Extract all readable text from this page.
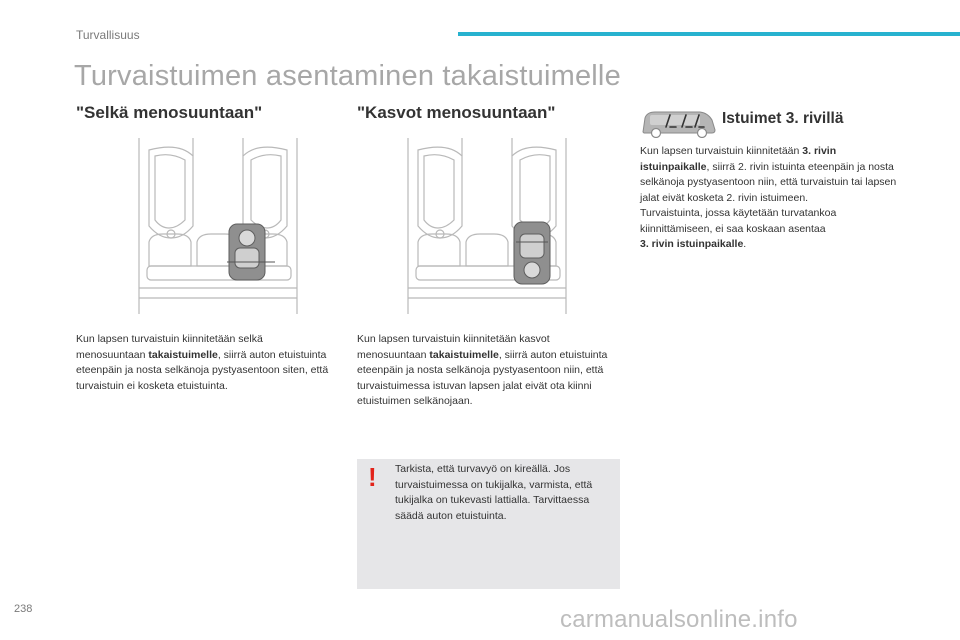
Turvallisuus
Turvaistuimen asentaminen takaistuimelle
"Selkä menosuuntaan"
Kun lapsen turvaistuin kiinnitetään selkä menosuuntaan takaistuimelle, siirrä auton etuistuinta eteenpäin ja nosta selkänoja pystyasentoon siten, että turvaistuin ei kosketa etuistuinta.
"Kasvot menosuuntaan"
Kun lapsen turvaistuin kiinnitetään kasvot menosuuntaan takaistuimelle, siirrä auton etuistuinta eteenpäin ja nosta selkänoja pystyasentoon niin, että turvaistuimessa istuvan lapsen jalat eivät ota kiinni etuistuimen selkänojaan.
! Tarkista, että turvavyö on kireällä. Jos turvaistuimessa on tukijalka, varmista, että tukijalka on tukevasti lattialla. Tarvittaessa säädä auton etuistuinta.
Istuimet 3. rivillä
Kun lapsen turvaistuin kiinnitetään 3. rivin istuinpaikalle, siirrä 2. rivin istuinta eteenpäin ja nosta selkänoja pystyasentoon niin, että turvaistuin tai lapsen jalat eivät kosketa 2. rivin istuimeen.
Turvaistuinta, jossa käytetään turvatankoa kiinnittämiseen, ei saa koskaan asentaa
3. rivin istuinpaikalle.
238	carmanualsonline.info
